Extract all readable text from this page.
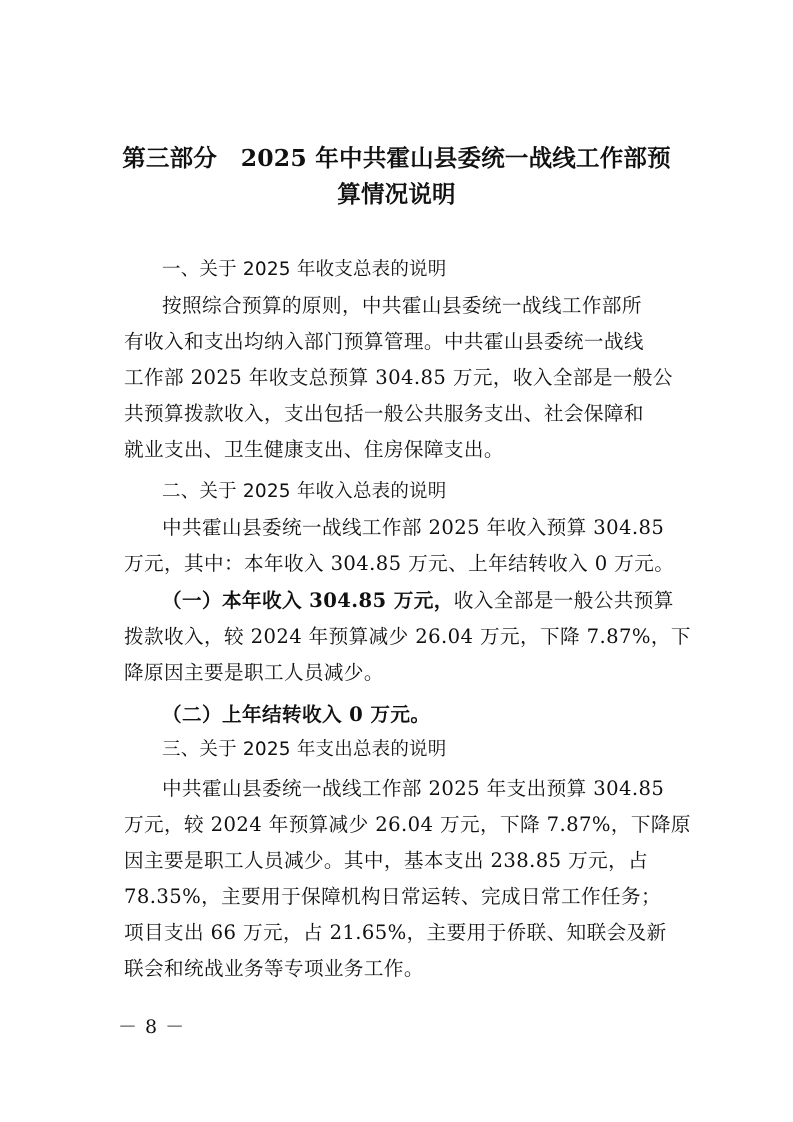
第三部分　2025 年中共霍山县委统一战线工作部预
算情况说明
一、关于 2025 年收支总表的说明
按照综合预算的原则，中共霍山县委统一战线工作部所
有收入和支出均纳入部门预算管理。中共霍山县委统一战线
工作部 2025 年收支总预算 304.85 万元，收入全部是一般公
共预算拨款收入，支出包括一般公共服务支出、社会保障和
就业支出、卫生健康支出、住房保障支出。
二、关于 2025 年收入总表的说明
中共霍山县委统一战线工作部 2025 年收入预算 304.85
万元，其中：本年收入 304.85 万元、上年结转收入 0 万元。
（一）本年收入 304.85 万元，收入全部是一般公共预算
拨款收入，较 2024 年预算减少 26.04 万元，下降 7.87%，下
降原因主要是职工人员减少。
（二）上年结转收入 0 万元。
三、关于 2025 年支出总表的说明
中共霍山县委统一战线工作部 2025 年支出预算 304.85
万元，较 2024 年预算减少 26.04 万元，下降 7.87%，下降原
因主要是职工人员减少。其中，基本支出 238.85 万元，占
78.35%，主要用于保障机构日常运转、完成日常工作任务；
项目支出 66 万元，占 21.65%，主要用于侨联、知联会及新
联会和统战业务等专项业务工作。
－ 8 －
